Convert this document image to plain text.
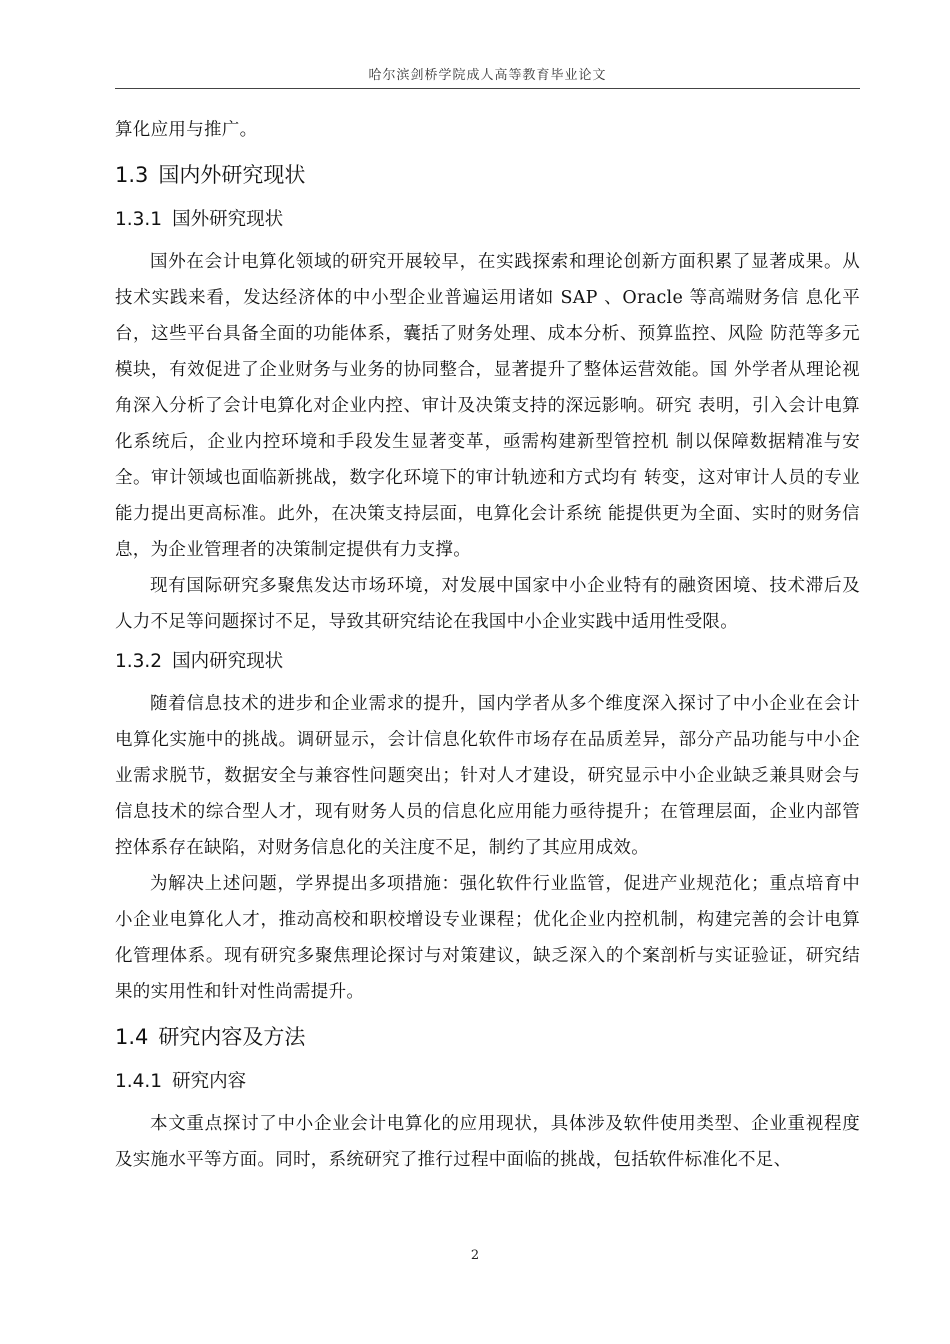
哈尔滨剑桥学院成人高等教育毕业论文

算化应用与推广。

1.3 国内外研究现状
1.3.1 国外研究现状

国外在会计电算化领域的研究开展较早，在实践探索和理论创新方面积累了显著成果。从技术实践来看，发达经济体的中小型企业普遍运用诸如 SAP 、Oracle 等高端财务信 息化平台，这些平台具备全面的功能体系，囊括了财务处理、成本分析、预算监控、风险 防范等多元模块，有效促进了企业财务与业务的协同整合，显著提升了整体运营效能。国 外学者从理论视角深入分析了会计电算化对企业内控、审计及决策支持的深远影响。研究 表明，引入会计电算化系统后，企业内控环境和手段发生显著变革，亟需构建新型管控机 制以保障数据精准与安全。审计领域也面临新挑战，数字化环境下的审计轨迹和方式均有 转变，这对审计人员的专业能力提出更高标准。此外，在决策支持层面，电算化会计系统 能提供更为全面、实时的财务信息，为企业管理者的决策制定提供有力支撑。

现有国际研究多聚焦发达市场环境，对发展中国家中小企业特有的融资困境、技术滞后及人力不足等问题探讨不足，导致其研究结论在我国中小企业实践中适用性受限。

1.3.2 国内研究现状

随着信息技术的进步和企业需求的提升，国内学者从多个维度深入探讨了中小企业在会计电算化实施中的挑战。调研显示，会计信息化软件市场存在品质差异，部分产品功能与中小企业需求脱节，数据安全与兼容性问题突出；针对人才建设，研究显示中小企业缺乏兼具财会与信息技术的综合型人才，现有财务人员的信息化应用能力亟待提升；在管理层面，企业内部管控体系存在缺陷，对财务信息化的关注度不足，制约了其应用成效。

为解决上述问题，学界提出多项措施：强化软件行业监管，促进产业规范化；重点培育中小企业电算化人才，推动高校和职校增设专业课程；优化企业内控机制，构建完善的会计电算化管理体系。现有研究多聚焦理论探讨与对策建议，缺乏深入的个案剖析与实证验证，研究结果的实用性和针对性尚需提升。

1.4 研究内容及方法
1.4.1 研究内容

本文重点探讨了中小企业会计电算化的应用现状，具体涉及软件使用类型、企业重视程度及实施水平等方面。同时，系统研究了推行过程中面临的挑战，包括软件标准化不足、

2
